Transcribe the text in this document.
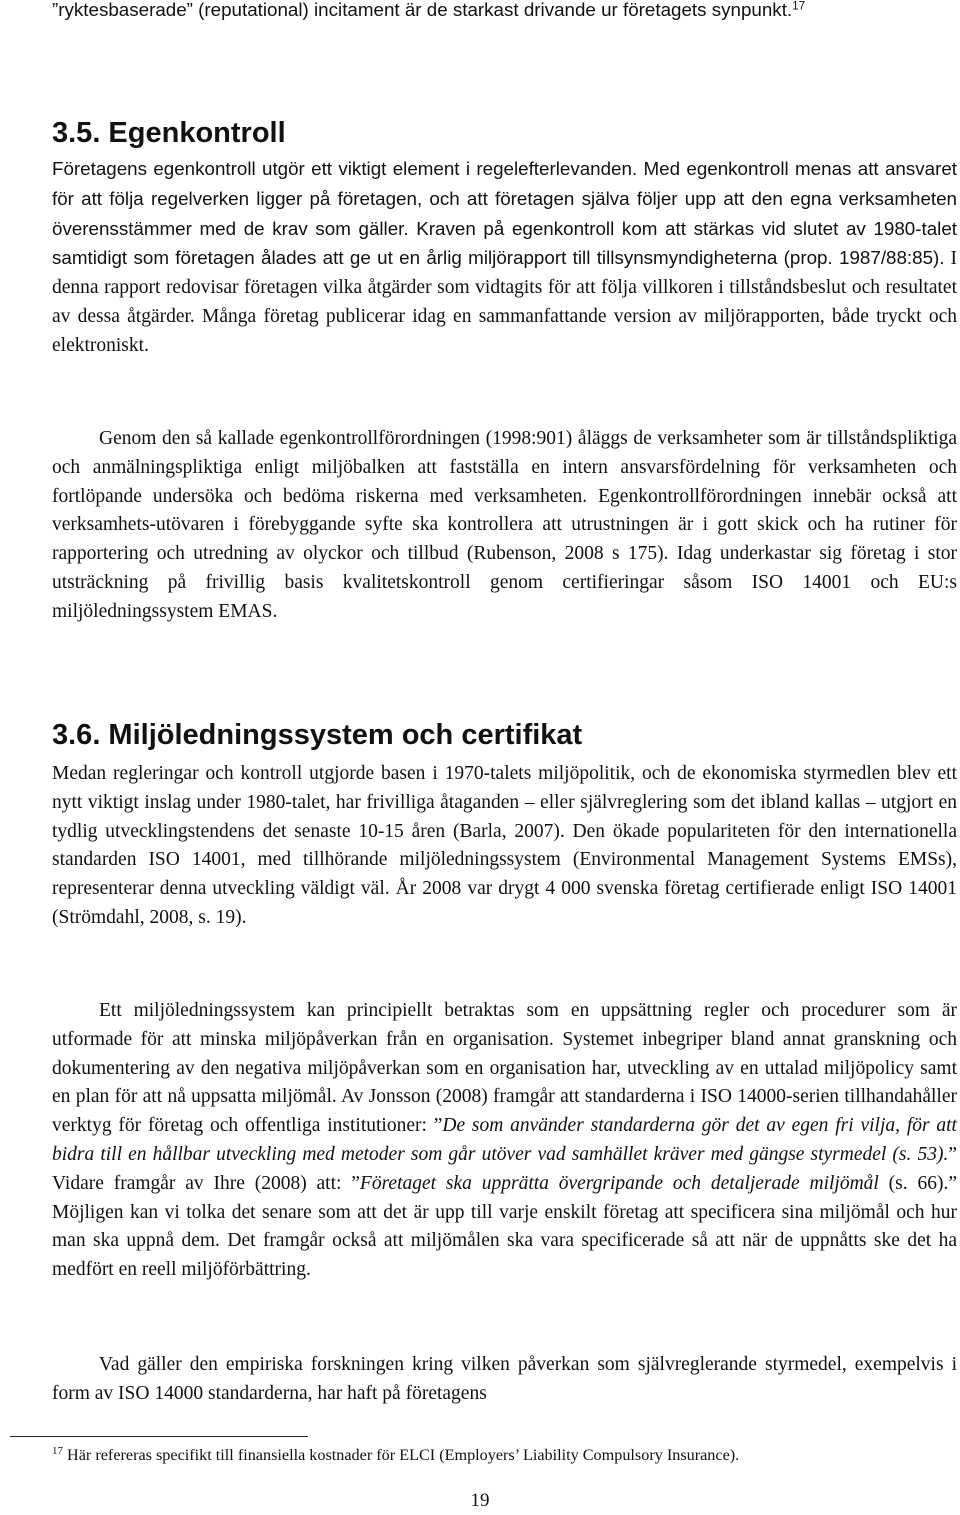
”ryktesbaserade” (reputational) incitament är de starkast drivande ur företagets synpunkt.$^{17}$

3.5. Egenkontroll

Företagens egenkontroll utgör ett viktigt element i regelefterlevanden. Med egenkontroll menas att ansvaret för att följa regelverken ligger på företagen, och att företagen själva följer upp att den egna verksamheten överensstämmer med de krav som gäller. Kraven på egenkontroll kom att stärkas vid slutet av 1980-talet samtidigt som företagen ålades att ge ut en årlig miljörapport till tillsynsmyndigheterna (prop. 1987/88:85). I denna rapport redovisar företagen vilka åtgärder som vidtagits för att följa villkoren i tillståndsbeslut och resultatet av dessa åtgärder. Många företag publicerar idag en sammanfattande version av miljörapporten, både tryckt och elektroniskt.

Genom den så kallade egenkontrollförordningen (1998:901) åläggs de verksamheter som är tillståndspliktiga och anmälningspliktiga enligt miljöbalken att fastställa en intern ansvarsfördelning för verksamheten och fortlöpande undersöka och bedöma riskerna med verksamheten. Egenkontrollförordningen innebär också att verksamhets-utövaren i förebyggande syfte ska kontrollera att utrustningen är i gott skick och ha rutiner för rapportering och utredning av olyckor och tillbud (Rubenson, 2008 s 175). Idag underkastar sig företag i stor utsträckning på frivillig basis kvalitetskontroll genom certifieringar såsom ISO 14001 och EU:s miljöledningssystem EMAS.

3.6. Miljöledningssystem och certifikat

Medan regleringar och kontroll utgjorde basen i 1970-talets miljöpolitik, och de ekonomiska styrmedlen blev ett nytt viktigt inslag under 1980-talet, har frivilliga åtaganden – eller självreglering som det ibland kallas – utgjort en tydlig utvecklingstendens det senaste 10-15 åren (Barla, 2007). Den ökade populariteten för den internationella standarden ISO 14001, med tillhörande miljöledningssystem (Environmental Management Systems EMSs), representerar denna utveckling väldigt väl. År 2008 var drygt 4 000 svenska företag certifierade enligt ISO 14001 (Strömdahl, 2008, s. 19).

Ett miljöledningssystem kan principiellt betraktas som en uppsättning regler och procedurer som är utformade för att minska miljöpåverkan från en organisation. Systemet inbegriper bland annat granskning och dokumentering av den negativa miljöpåverkan som en organisation har, utveckling av en uttalad miljöpolicy samt en plan för att nå uppsatta miljömål. Av Jonsson (2008) framgår att standarderna i ISO 14000-serien tillhandahåller verktyg för företag och offentliga institutioner: ”De som använder standarderna gör det av egen fri vilja, för att bidra till en hållbar utveckling med metoder som går utöver vad samhället kräver med gängse styrmedel (s. 53).” Vidare framgår av Ihre (2008) att: ”Företaget ska upprätta övergripande och detaljerade miljömål (s. 66).” Möjligen kan vi tolka det senare som att det är upp till varje enskilt företag att specificera sina miljömål och hur man ska uppnå dem. Det framgår också att miljömålen ska vara specificerade så att när de uppnåtts ske det ha medfört en reell miljöförbättring.

Vad gäller den empiriska forskningen kring vilken påverkan som självreglerande styrmedel, exempelvis i form av ISO 14000 standarderna, har haft på företagens

$^{17}$ Här refereras specifikt till finansiella kostnader för ELCI (Employers’ Liability Compulsory Insurance).

19
